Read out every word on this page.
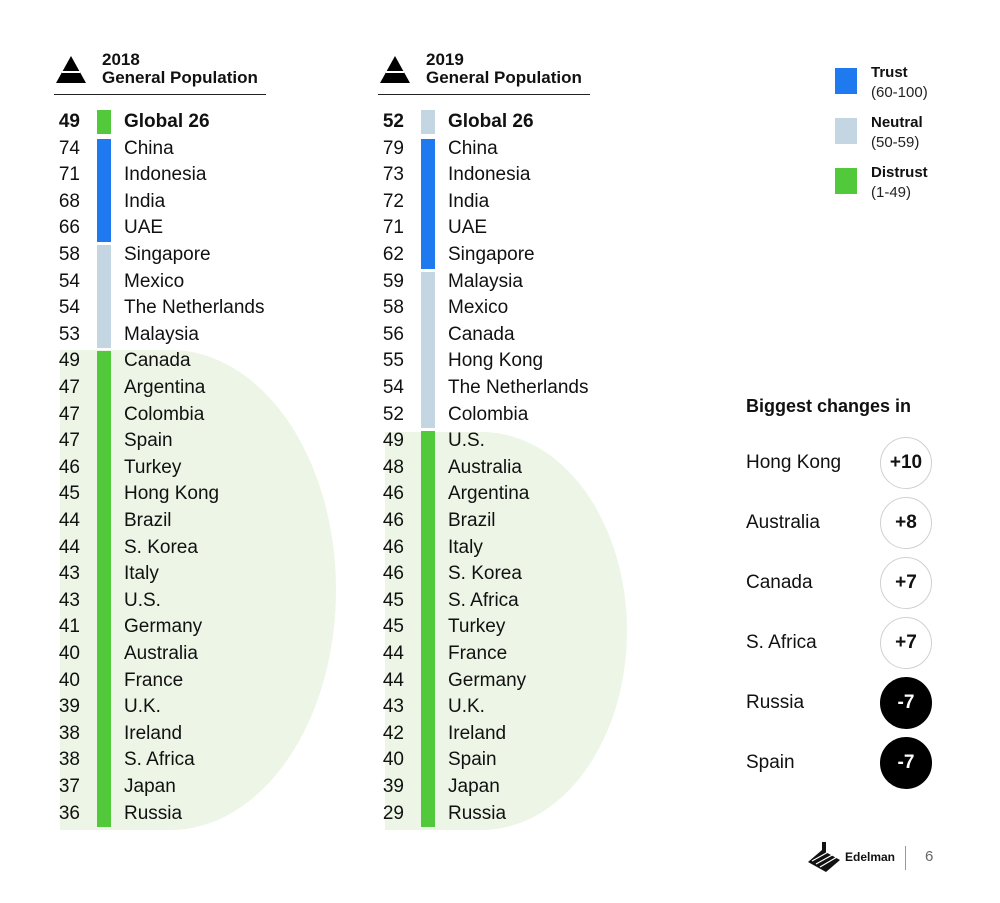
2018
General Population
49 Global 26
74 China
71 Indonesia
68 India
66 UAE
58 Singapore
54 Mexico
54 The Netherlands
53 Malaysia
49 Canada
47 Argentina
47 Colombia
47 Spain
46 Turkey
45 Hong Kong
44 Brazil
44 S. Korea
43 Italy
43 U.S.
41 Germany
40 Australia
40 France
39 U.K.
38 Ireland
38 S. Africa
37 Japan
36 Russia
2019
General Population
52 Global 26
79 China
73 Indonesia
72 India
71 UAE
62 Singapore
59 Malaysia
58 Mexico
56 Canada
55 Hong Kong
54 The Netherlands
52 Colombia
49 U.S.
48 Australia
46 Argentina
46 Brazil
46 Italy
46 S. Korea
45 S. Africa
45 Turkey
44 France
44 Germany
43 U.K.
42 Ireland
40 Spain
39 Japan
29 Russia
Trust
(60-100)
Neutral
(50-59)
Distrust
(1-49)
Biggest changes in
Hong Kong	+10
Australia	+8
Canada	+7
S. Africa	+7
Russia	-7
Spain	-7
Edelman 6
